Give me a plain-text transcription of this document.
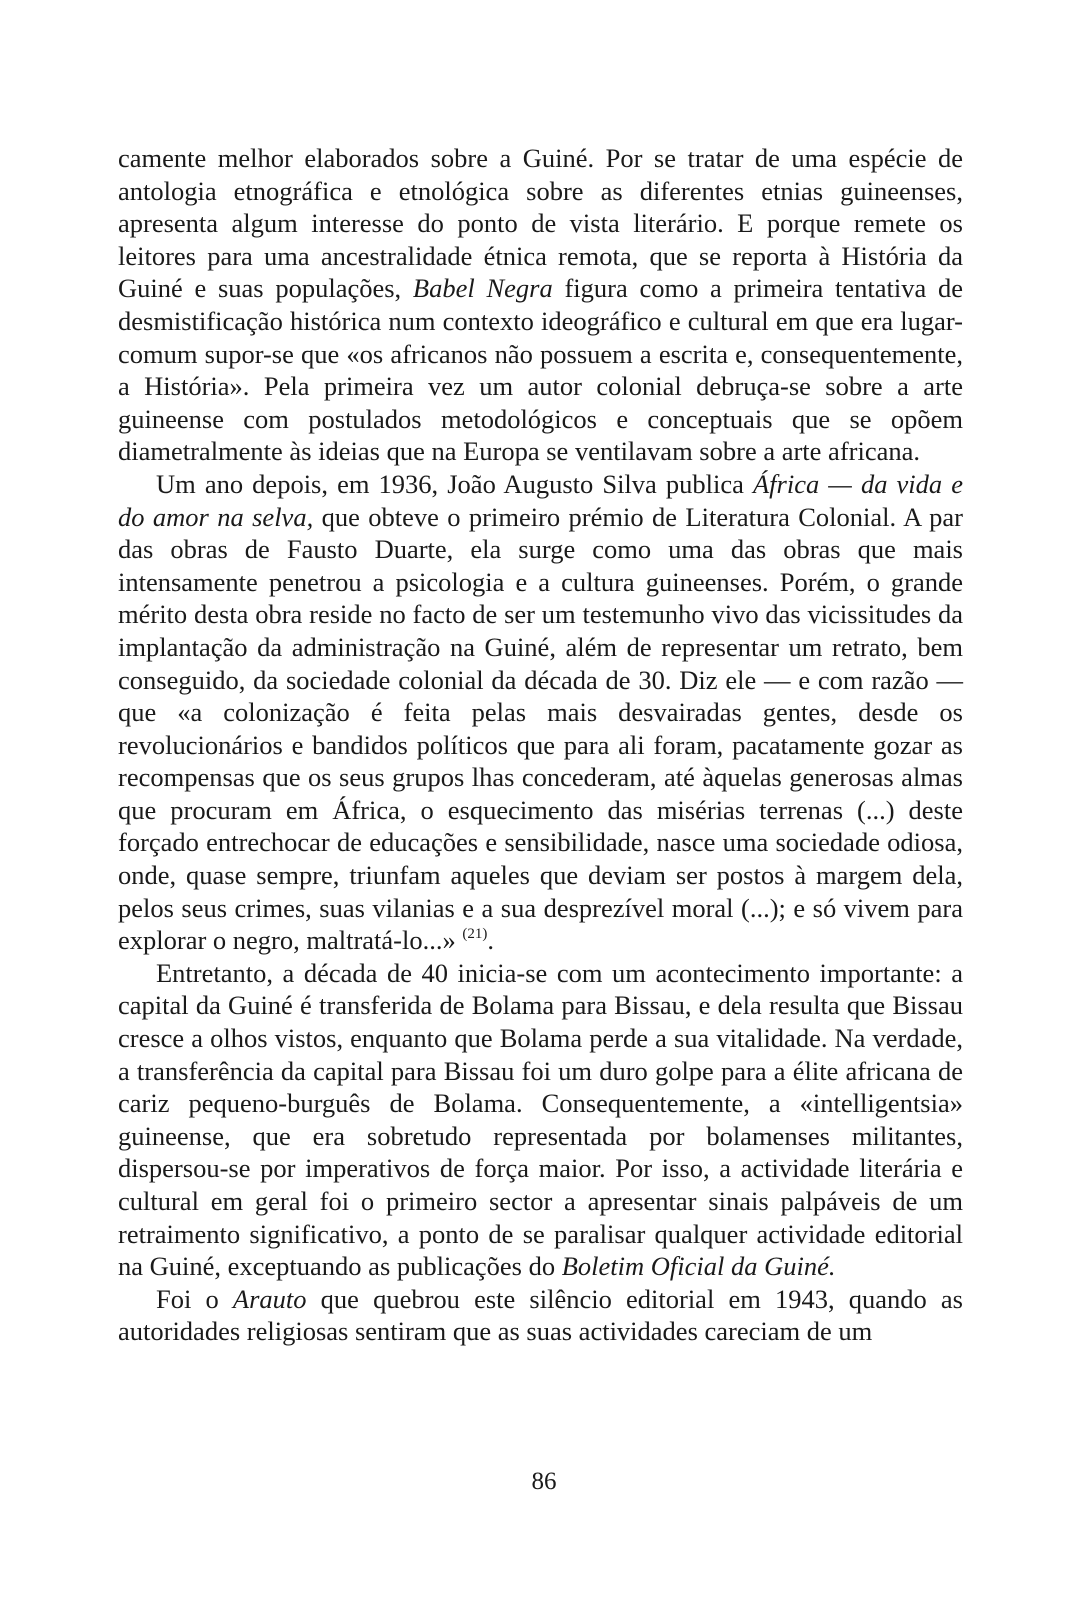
camente melhor elaborados sobre a Guiné. Por se tratar de uma espécie de antologia etnográfica e etnológica sobre as diferentes etnias guineenses, apresenta algum interesse do ponto de vista literário. E porque remete os leitores para uma ancestralidade étnica remota, que se reporta à História da Guiné e suas populações, Babel Negra figura como a primeira tentativa de desmistificação histórica num contexto ideográfico e cultural em que era lugar-comum supor-se que «os africanos não possuem a escrita e, consequentemente, a História». Pela primeira vez um autor colonial debruça-se sobre a arte guineense com postulados metodológicos e conceptuais que se opõem diametralmente às ideias que na Europa se ventilavam sobre a arte africana.

Um ano depois, em 1936, João Augusto Silva publica África — da vida e do amor na selva, que obteve o primeiro prémio de Literatura Colonial. A par das obras de Fausto Duarte, ela surge como uma das obras que mais intensamente penetrou a psicologia e a cultura guineenses. Porém, o grande mérito desta obra reside no facto de ser um testemunho vivo das vicissitudes da implantação da administração na Guiné, além de representar um retrato, bem conseguido, da sociedade colonial da década de 30. Diz ele — e com razão — que «a colonização é feita pelas mais desvairadas gentes, desde os revolucionários e bandidos políticos que para ali foram, pacatamente gozar as recompensas que os seus grupos lhas concederam, até àquelas generosas almas que procuram em África, o esquecimento das misérias terrenas (...) deste forçado entrechocar de educações e sensibilidade, nasce uma sociedade odiosa, onde, quase sempre, triunfam aqueles que deviam ser postos à margem dela, pelos seus crimes, suas vilanias e a sua desprezível moral (...); e só vivem para explorar o negro, maltratá-lo...» $^{(21)}$.

Entretanto, a década de 40 inicia-se com um acontecimento importante: a capital da Guiné é transferida de Bolama para Bissau, e dela resulta que Bissau cresce a olhos vistos, enquanto que Bolama perde a sua vitalidade. Na verdade, a transferência da capital para Bissau foi um duro golpe para a élite africana de cariz pequeno-burguês de Bolama. Consequentemente, a «intelligentsia» guineense, que era sobretudo representada por bolamenses militantes, dispersou-se por imperativos de força maior. Por isso, a actividade literária e cultural em geral foi o primeiro sector a apresentar sinais palpáveis de um retraimento significativo, a ponto de se paralisar qualquer actividade editorial na Guiné, exceptuando as publicações do Boletim Oficial da Guiné.

Foi o Arauto que quebrou este silêncio editorial em 1943, quando as autoridades religiosas sentiram que as suas actividades careciam de um

86
